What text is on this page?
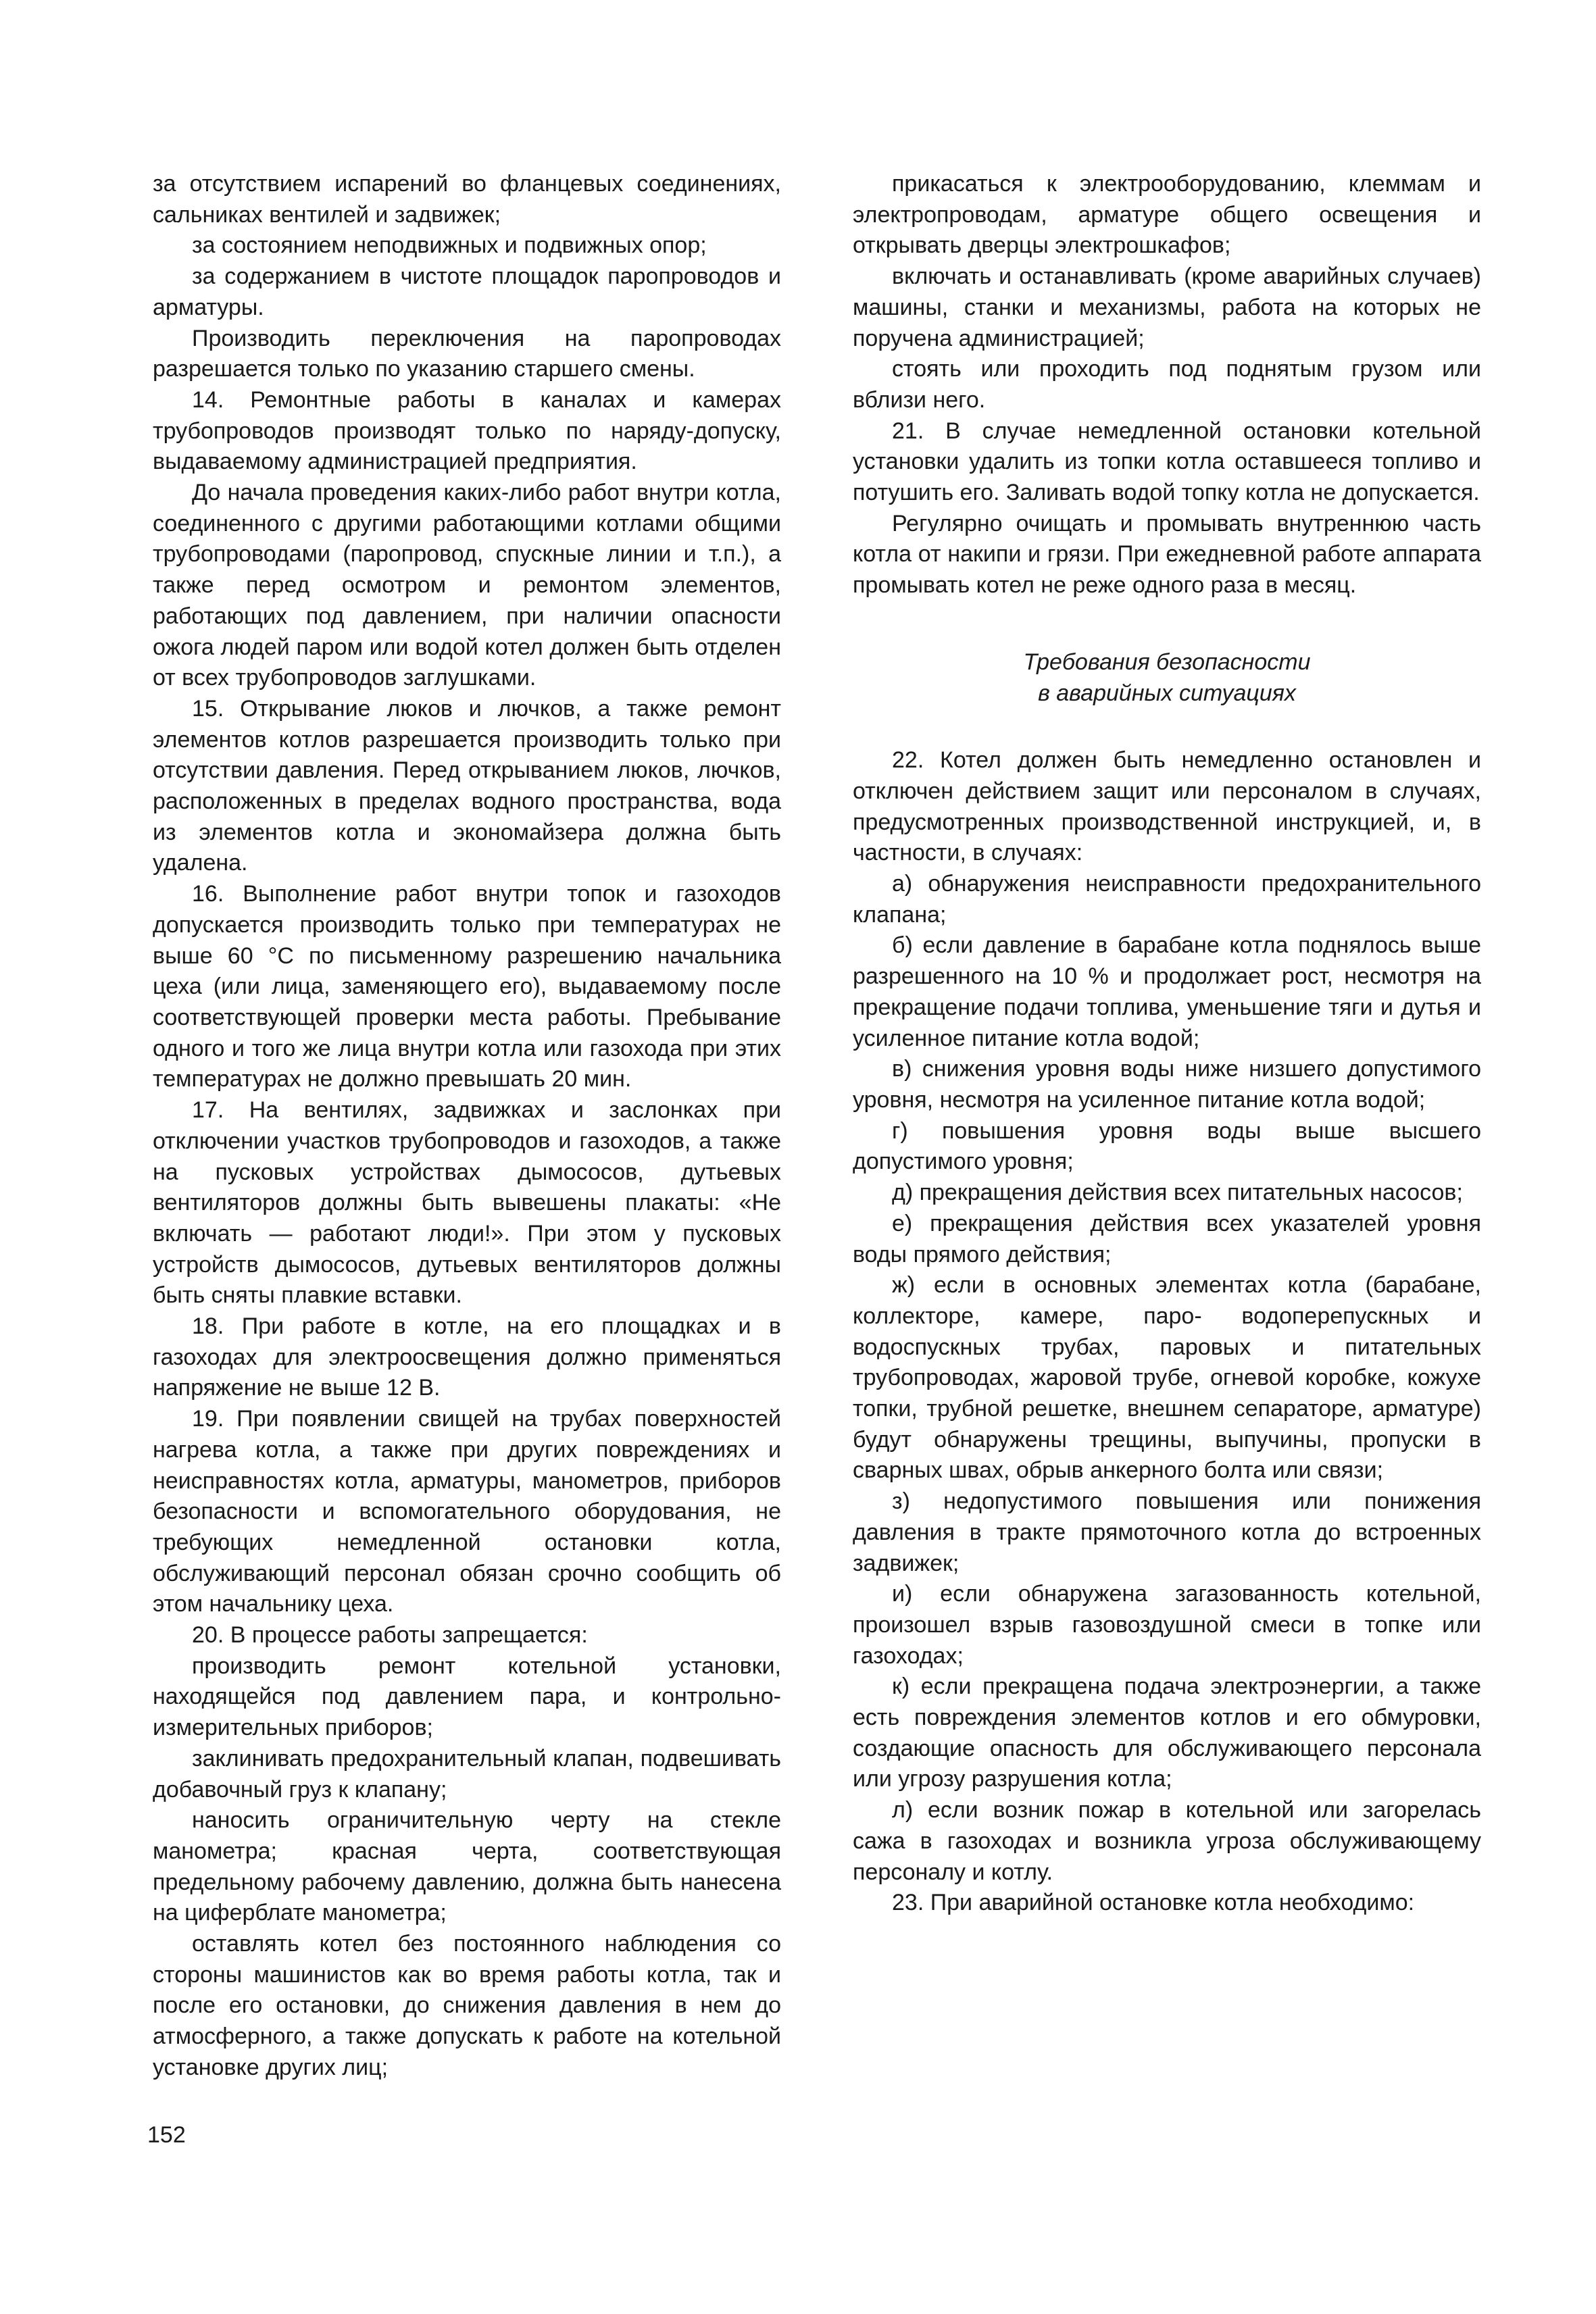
за отсутствием испарений во фланцевых соединениях, сальниках вентилей и задвижек;

за состоянием неподвижных и подвижных опор;

за содержанием в чистоте площадок паропроводов и арматуры.

Производить переключения на паропроводах разрешается только по указанию старшего смены.

14. Ремонтные работы в каналах и камерах трубопроводов производят только по наряду-допуску, выдаваемому администрацией предприятия.

До начала проведения каких-либо работ внутри котла, соединенного с другими работающими котлами общими трубопроводами (паропровод, спускные линии и т.п.), а также перед осмотром и ремонтом элементов, работающих под давлением, при наличии опасности ожога людей паром или водой котел должен быть отделен от всех трубопроводов заглушками.

15. Открывание люков и лючков, а также ремонт элементов котлов разрешается производить только при отсутствии давления. Перед открыванием люков, лючков, расположенных в пределах водного пространства, вода из элементов котла и экономайзера должна быть удалена.

16. Выполнение работ внутри топок и газоходов допускается производить только при температурах не выше 60 °С по письменному разрешению начальника цеха (или лица, заменяющего его), выдаваемому после соответствующей проверки места работы. Пребывание одного и того же лица внутри котла или газохода при этих температурах не должно превышать 20 мин.

17. На вентилях, задвижках и заслонках при отключении участков трубопроводов и газоходов, а также на пусковых устройствах дымососов, дутьевых вентиляторов должны быть вывешены плакаты: «Не включать — работают люди!». При этом у пусковых устройств дымососов, дутьевых вентиляторов должны быть сняты плавкие вставки.

18. При работе в котле, на его площадках и в газоходах для электроосвещения должно применяться напряжение не выше 12 В.

19. При появлении свищей на трубах поверхностей нагрева котла, а также при других повреждениях и неисправностях котла, арматуры, манометров, приборов безопасности и вспомогательного оборудования, не требующих немедленной остановки котла, обслуживающий персонал обязан срочно сообщить об этом начальнику цеха.

20. В процессе работы запрещается:

производить ремонт котельной установки, находящейся под давлением пара, и контрольно-измерительных приборов;

заклинивать предохранительный клапан, подвешивать добавочный груз к клапану;

наносить ограничительную черту на стекле манометра; красная черта, соответствующая предельному рабочему давлению, должна быть нанесена на циферблате манометра;

оставлять котел без постоянного наблюдения со стороны машинистов как во время работы котла, так и после его остановки, до снижения давления в нем до атмосферного, а также допускать к работе на котельной установке других лиц;

прикасаться к электрооборудованию, клеммам и электропроводам, арматуре общего освещения и открывать дверцы электрошкафов;

включать и останавливать (кроме аварийных случаев) машины, станки и механизмы, работа на которых не поручена администрацией;

стоять или проходить под поднятым грузом или вблизи него.

21. В случае немедленной остановки котельной установки удалить из топки котла оставшееся топливо и потушить его. Заливать водой топку котла не допускается.

Регулярно очищать и промывать внутреннюю часть котла от накипи и грязи. При ежедневной работе аппарата промывать котел не реже одного раза в месяц.

Требования безопасности
в аварийных ситуациях

22. Котел должен быть немедленно остановлен и отключен действием защит или персоналом в случаях, предусмотренных производственной инструкцией, и, в частности, в случаях:

а) обнаружения неисправности предохранительного клапана;

б) если давление в барабане котла поднялось выше разрешенного на 10 % и продолжает рост, несмотря на прекращение подачи топлива, уменьшение тяги и дутья и усиленное питание котла водой;

в) снижения уровня воды ниже низшего допустимого уровня, несмотря на усиленное питание котла водой;

г) повышения уровня воды выше высшего допустимого уровня;

д) прекращения действия всех питательных насосов;

е) прекращения действия всех указателей уровня воды прямого действия;

ж) если в основных элементах котла (барабане, коллекторе, камере, паро- водоперепускных и водоспускных трубах, паровых и питательных трубопроводах, жаровой трубе, огневой коробке, кожухе топки, трубной решетке, внешнем сепараторе, арматуре) будут обнаружены трещины, выпучины, пропуски в сварных швах, обрыв анкерного болта или связи;

з) недопустимого повышения или понижения давления в тракте прямоточного котла до встроенных задвижек;

и) если обнаружена загазованность котельной, произошел взрыв газовоздушной смеси в топке или газоходах;

к) если прекращена подача электроэнергии, а также есть повреждения элементов котлов и его обмуровки, создающие опасность для обслуживающего персонала или угрозу разрушения котла;

л) если возник пожар в котельной или загорелась сажа в газоходах и возникла угроза обслуживающему персоналу и котлу.

23. При аварийной остановке котла необходимо:

152
